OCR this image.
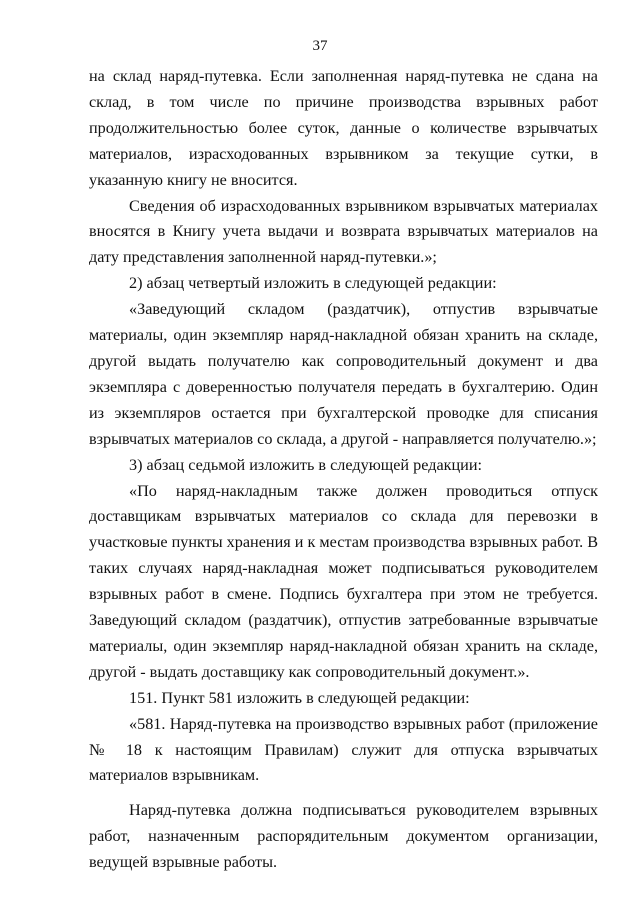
37

на склад наряд-путевка. Если заполненная наряд-путевка не сдана на склад, в том числе по причине производства взрывных работ продолжительностью более суток, данные о количестве взрывчатых материалов, израсходованных взрывником за текущие сутки, в указанную книгу не вносится.

Сведения об израсходованных взрывником взрывчатых материалах вносятся в Книгу учета выдачи и возврата взрывчатых материалов на дату представления заполненной наряд-путевки.»;

2) абзац четвертый изложить в следующей редакции:

«Заведующий складом (раздатчик), отпустив взрывчатые материалы, один экземпляр наряд-накладной обязан хранить на складе, другой выдать получателю как сопроводительный документ и два экземпляра с доверенностью получателя передать в бухгалтерию. Один из экземпляров остается при бухгалтерской проводке для списания взрывчатых материалов со склада, а другой - направляется получателю.»;

3) абзац седьмой изложить в следующей редакции:

«По наряд-накладным также должен проводиться отпуск доставщикам взрывчатых материалов со склада для перевозки в участковые пункты хранения и к местам производства взрывных работ. В таких случаях наряд-накладная может подписываться руководителем взрывных работ в смене. Подпись бухгалтера при этом не требуется. Заведующий складом (раздатчик), отпустив затребованные взрывчатые материалы, один экземпляр наряд-накладной обязан хранить на складе, другой - выдать доставщику как сопроводительный документ.».

151. Пункт 581 изложить в следующей редакции:

«581. Наряд-путевка на производство взрывных работ (приложение № 18 к настоящим Правилам) служит для отпуска взрывчатых материалов взрывникам.

Наряд-путевка должна подписываться руководителем взрывных работ, назначенным распорядительным документом организации, ведущей взрывные работы.
